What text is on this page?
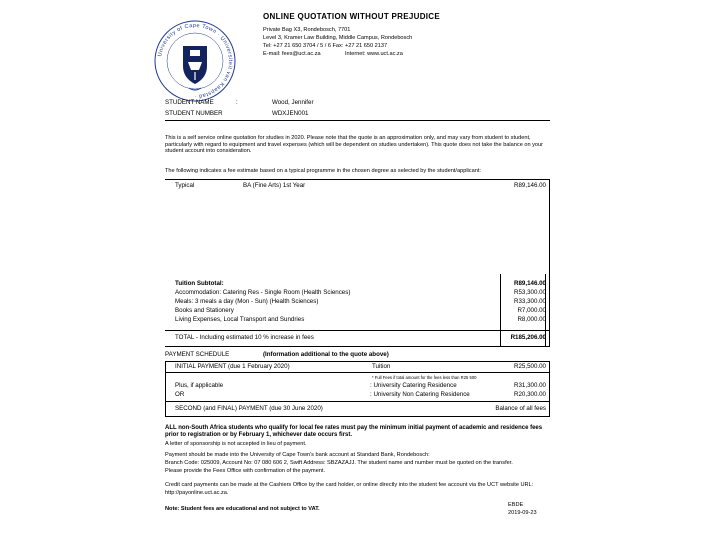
University of Cape Town · Universiteit van Kaapstad ·
ONLINE QUOTATION WITHOUT PREJUDICE
Private Bag X3, Rondebosch, 7701
Level 3, Kramer Law Building, Middle Campus, Rondebosch
Tel: +27 21 650 3704 / 5 / 6 Fax: +27 21 650 2137
E-mail: fees@uct.ac.za	Internet: www.uct.ac.za
STUDENT NAME	:	Wood, Jennifer
STUDENT NUMBER	WDXJEN001
This is a self service online quotation for studies in 2020. Please note that the quote is an approximation only, and may vary from student to student, particularly with regard to equipment and travel expenses (which will be dependent on studies undertaken). This quote does not take the balance on your student account into consideration.
The following indicates a fee estimate based on a typical programme in the chosen degree as selected by the student/applicant:
Typical	BA (Fine Arts) 1st Year	R89,146.00
Tuition Subtotal:	R89,146.00
Accommodation: Catering Res - Single Room (Health Sciences)	R53,300.00
Meals: 3 meals a day (Mon - Sun) (Health Sciences)	R33,300.00
Books and Stationery	R7,000.00
Living Expenses, Local Transport and Sundries	R8,000.00
TOTAL - Including estimated 10 % increase in fees	R185,206.00
PAYMENT SCHEDULE	(Information additional to the quote above)
INITIAL PAYMENT (due 1 February 2020)	Tuition	R25,500.00
* Full Fees if total amount for the fees less than R25 500
Plus, if applicable	: University Catering Residence	R31,300.00
OR	: University Non Catering Residence	R20,300.00
SECOND (and FINAL) PAYMENT (due 30 June 2020)	Balance of all fees
ALL non-South Africa students who qualify for local fee rates must pay the minimum initial payment of academic and residence fees prior to registration or by February 1, whichever date occurs first.
A letter of sponsorship is not accepted in lieu of payment.
Payment should be made into the University of Cape Town's bank account at Standard Bank, Rondebosch:
Branch Code: 025009, Account No: 07 080 606 2, Swift Address: SBZAZAJJ. The student name and number must be quoted on the transfer.
Please provide the Fees Office with confirmation of the payment.
Credit card payments can be made at the Cashiers Office by the card holder, or online directly into the student fee account via the UCT website URL:
http://payonline.uct.ac.za.
Note: Student fees are educational and not subject to VAT.
EBDE
2019-09-23
